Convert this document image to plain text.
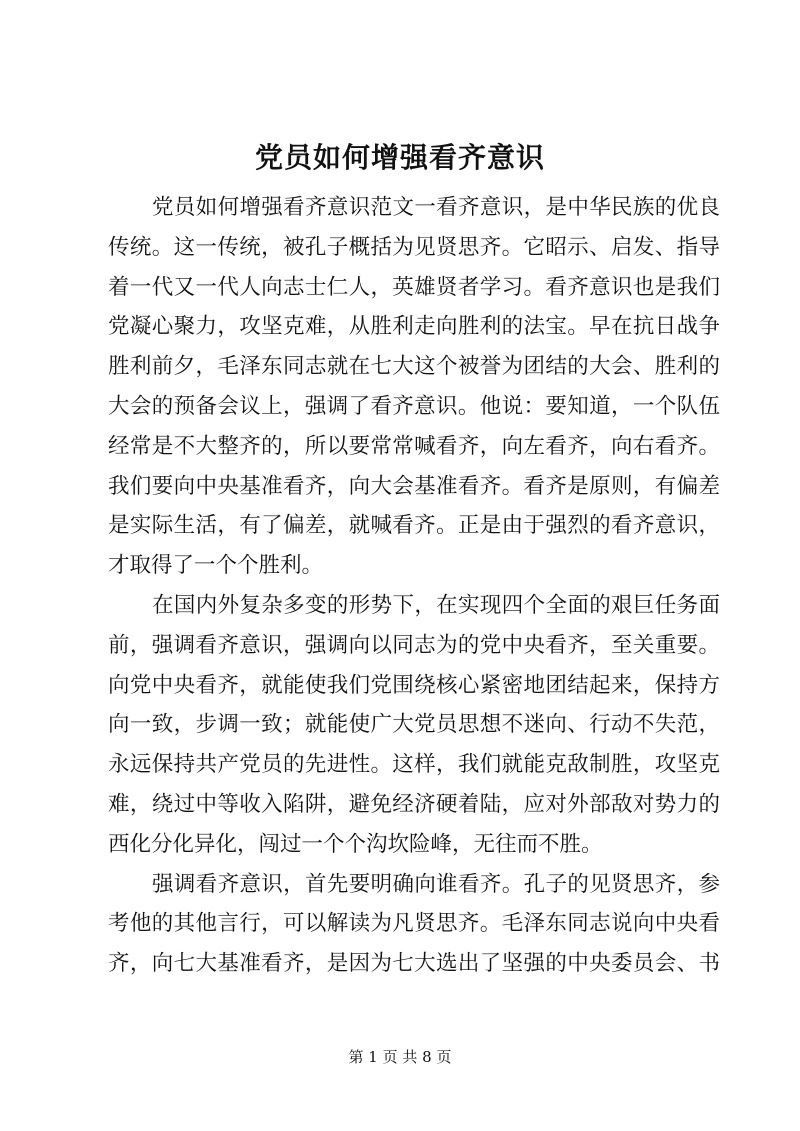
党员如何增强看齐意识
党员如何增强看齐意识范文一看齐意识，是中华民族的优良
传统。这一传统，被孔子概括为见贤思齐。它昭示、启发、指导
着一代又一代人向志士仁人，英雄贤者学习。看齐意识也是我们
党凝心聚力，攻坚克难，从胜利走向胜利的法宝。早在抗日战争
胜利前夕，毛泽东同志就在七大这个被誉为团结的大会、胜利的
大会的预备会议上，强调了看齐意识。他说：要知道，一个队伍
经常是不大整齐的，所以要常常喊看齐，向左看齐，向右看齐。
我们要向中央基准看齐，向大会基准看齐。看齐是原则，有偏差
是实际生活，有了偏差，就喊看齐。正是由于强烈的看齐意识，
才取得了一个个胜利。
在国内外复杂多变的形势下，在实现四个全面的艰巨任务面
前，强调看齐意识，强调向以同志为的党中央看齐，至关重要。
向党中央看齐，就能使我们党围绕核心紧密地团结起来，保持方
向一致，步调一致；就能使广大党员思想不迷向、行动不失范，
永远保持共产党员的先进性。这样，我们就能克敌制胜，攻坚克
难，绕过中等收入陷阱，避免经济硬着陆，应对外部敌对势力的
西化分化异化，闯过一个个沟坎险峰，无往而不胜。
强调看齐意识，首先要明确向谁看齐。孔子的见贤思齐，参
考他的其他言行，可以解读为凡贤思齐。毛泽东同志说向中央看
齐，向七大基准看齐，是因为七大选出了坚强的中央委员会、书
第 1 页 共 8 页
